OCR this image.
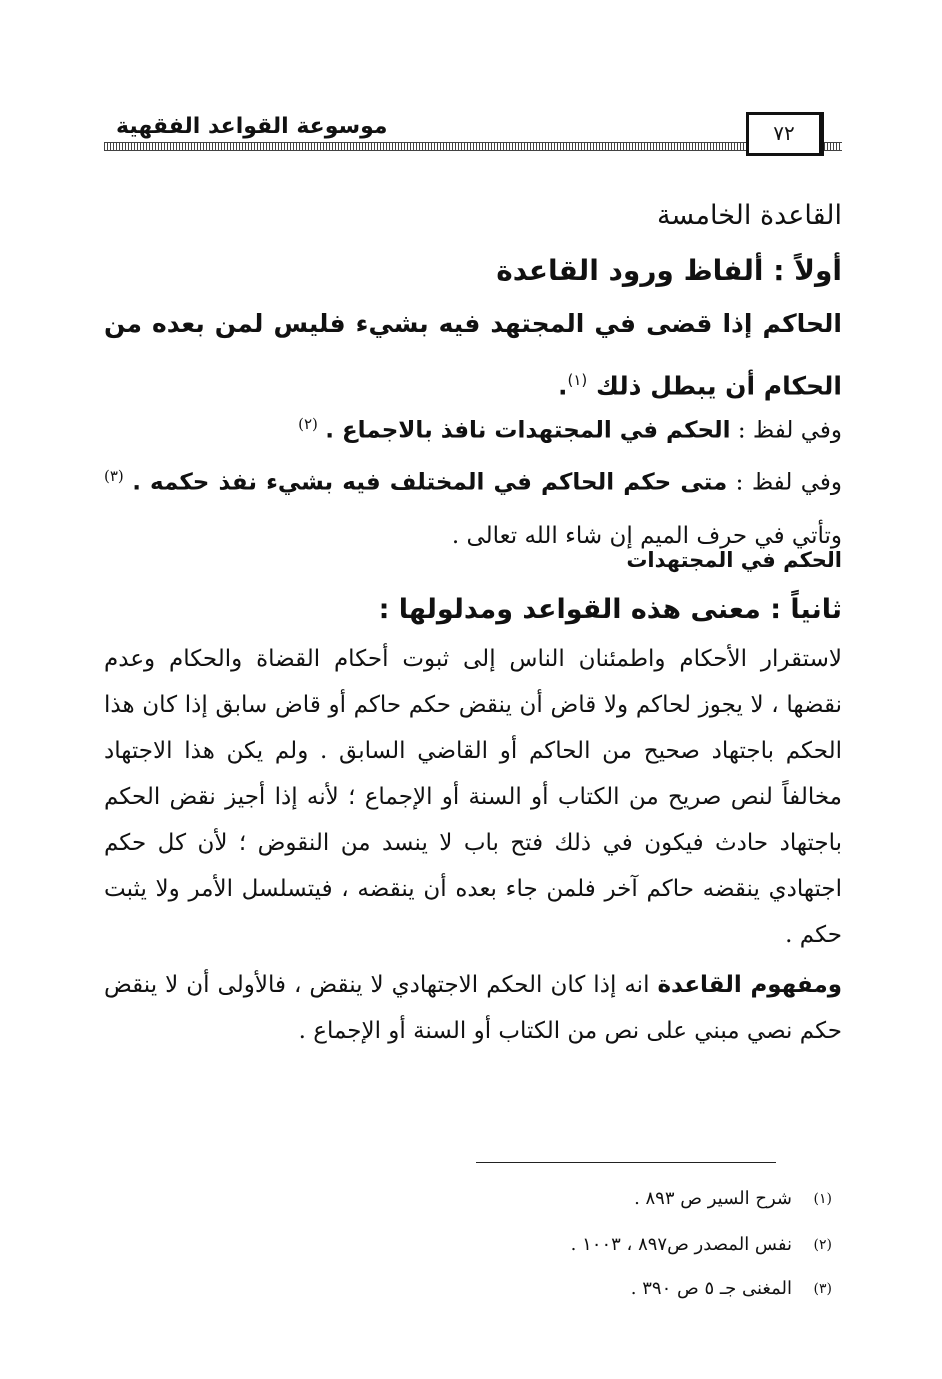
موسوعة القواعد الفقهية	٧٢
القاعدة الخامسة
أولاً : ألفاظ ورود القاعدة
الحاكم إذا قضى في المجتهد فيه بشيء فليس لمن بعده من الحكام أن يبطل ذلك $^{(١)}$.
وفي لفظ : الحكم في المجتهدات نافذ بالاجماع . $^{(٢)}$
وفي لفظ : متى حكم الحاكم في المختلف فيه بشيء نفذ حكمه . $^{(٣)}$ وتأتي في حرف الميم إن شاء الله تعالى .
الحكم في المجتهدات
ثانياً : معنى هذه القواعد ومدلولها :
لاستقرار الأحكام واطمئنان الناس إلى ثبوت أحكام القضاة والحكام وعدم نقضها ، لا يجوز لحاكم ولا قاض أن ينقض حكم حاكم أو قاض سابق إذا كان هذا الحكم باجتهاد صحيح من الحاكم أو القاضي السابق . ولم يكن هذا الاجتهاد مخالفاً لنص صريح من الكتاب أو السنة أو الإجماع ؛ لأنه إذا أجيز نقض الحكم باجتهاد حادث فيكون في ذلك فتح باب لا ينسد من النقوض ؛ لأن كل حكم اجتهادي ينقضه حاكم آخر فلمن جاء بعده أن ينقضه ، فيتسلسل الأمر ولا يثبت حكم .
ومفهوم القاعدة انه إذا كان الحكم الاجتهادي لا ينقض ، فالأولى أن لا ينقض حكم نصي مبني على نص من الكتاب أو السنة أو الإجماع .
(١)شرح السير ص ٨٩٣ .
(٢)نفس المصدر ص٨٩٧ ، ١٠٠٣ .
(٣)المغنى جـ ٥ ص ٣٩٠ .
